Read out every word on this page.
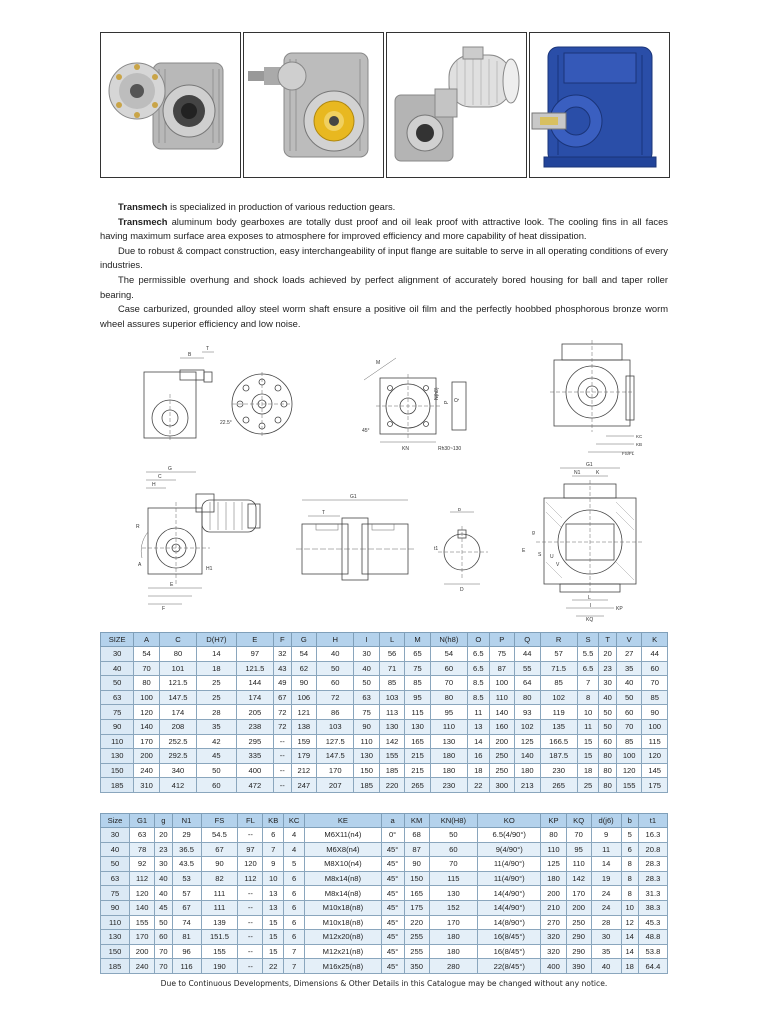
Transmech is specialized in production of various reduction gears.

Transmech aluminum body gearboxes are totally dust proof and oil leak proof with attractive look. The cooling fins in all faces having maximum surface area exposes to atmosphere for improved efficiency and more capability of heat dissipation.

Due to robust & compact construction, easy interchangeability of input flange are suitable to serve in all operating conditions of every industries.

The permissible overhung and shock loads achieved by perfect alignment of accurately bored housing for ball and taper roller bearing.

Case carburized, grounded alloy steel worm shaft ensure a positive oil film and the perfectly hoobbed phosphorous bronze worm wheel assures superior efficiency and low noise.

B
T
22.5°
M
45°
N(h8)
P
Q
KN	Rh30~130
KC
KB
FS/FL
G
C
H
R
A
H1
E
F
G1
T	b
t1
D
G1
N1	K
g
E
S U
V
L
I	KP
KQ
SIZE	A	C	D(H7)	E	F	G	H	I	L	M	N(h8)	O	P	Q	R	S	T	V	K
30	54	80	14	97	32	54	40	30	56	65	54	6.5	75	44	57	5.5	20	27	44
40	70	101	18	121.5	43	62	50	40	71	75	60	6.5	87	55	71.5	6.5	23	35	60
50	80	121.5	25	144	49	90	60	50	85	85	70	8.5	100	64	85	7	30	40	70
63	100	147.5	25	174	67	106	72	63	103	95	80	8.5	110	80	102	8	40	50	85
75	120	174	28	205	72	121	86	75	113	115	95	11	140	93	119	10	50	60	90
90	140	208	35	238	72	138	103	90	130	130	110	13	160	102	135	11	50	70	100
110	170	252.5	42	295	--	159	127.5	110	142	165	130	14	200	125	166.5	15	60	85	115
130	200	292.5	45	335	--	179	147.5	130	155	215	180	16	250	140	187.5	15	80	100	120
150	240	340	50	400	--	212	170	150	185	215	180	18	250	180	230	18	80	120	145
185	310	412	60	472	--	247	207	185	220	265	230	22	300	213	265	25	80	155	175
Size	G1	g	N1	FS	FL	KB	KC	KE	a	KM	KN(H8)	KO	KP	KQ	d(j6)	b	t1
30	63	20	29	54.5	--	6	4	M6X11(n4)	0°	68	50	6.5(4/90°)	80	70	9	5	16.3
40	78	23	36.5	67	97	7	4	M6X8(n4)	45°	87	60	9(4/90°)	110	95	11	6	20.8
50	92	30	43.5	90	120	9	5	M8X10(n4)	45°	90	70	11(4/90°)	125	110	14	8	28.3
63	112	40	53	82	112	10	6	M8x14(n8)	45°	150	115	11(4/90°)	180	142	19	8	28.3
75	120	40	57	111	--	13	6	M8x14(n8)	45°	165	130	14(4/90°)	200	170	24	8	31.3
90	140	45	67	111	--	13	6	M10x18(n8)	45°	175	152	14(4/90°)	210	200	24	10	38.3
110	155	50	74	139	--	15	6	M10x18(n8)	45°	220	170	14(8/90°)	270	250	28	12	45.3
130	170	60	81	151.5	--	15	6	M12x20(n8)	45°	255	180	16(8/45°)	320	290	30	14	48.8
150	200	70	96	155	--	15	7	M12x21(n8)	45°	255	180	16(8/45°)	320	290	35	14	53.8
185	240	70	116	190	--	22	7	M16x25(n8)	45°	350	280	22(8/45°)	400	390	40	18	64.4
Due to Continuous Developments, Dimensions & Other Details in this Catalogue may be changed without any notice.
